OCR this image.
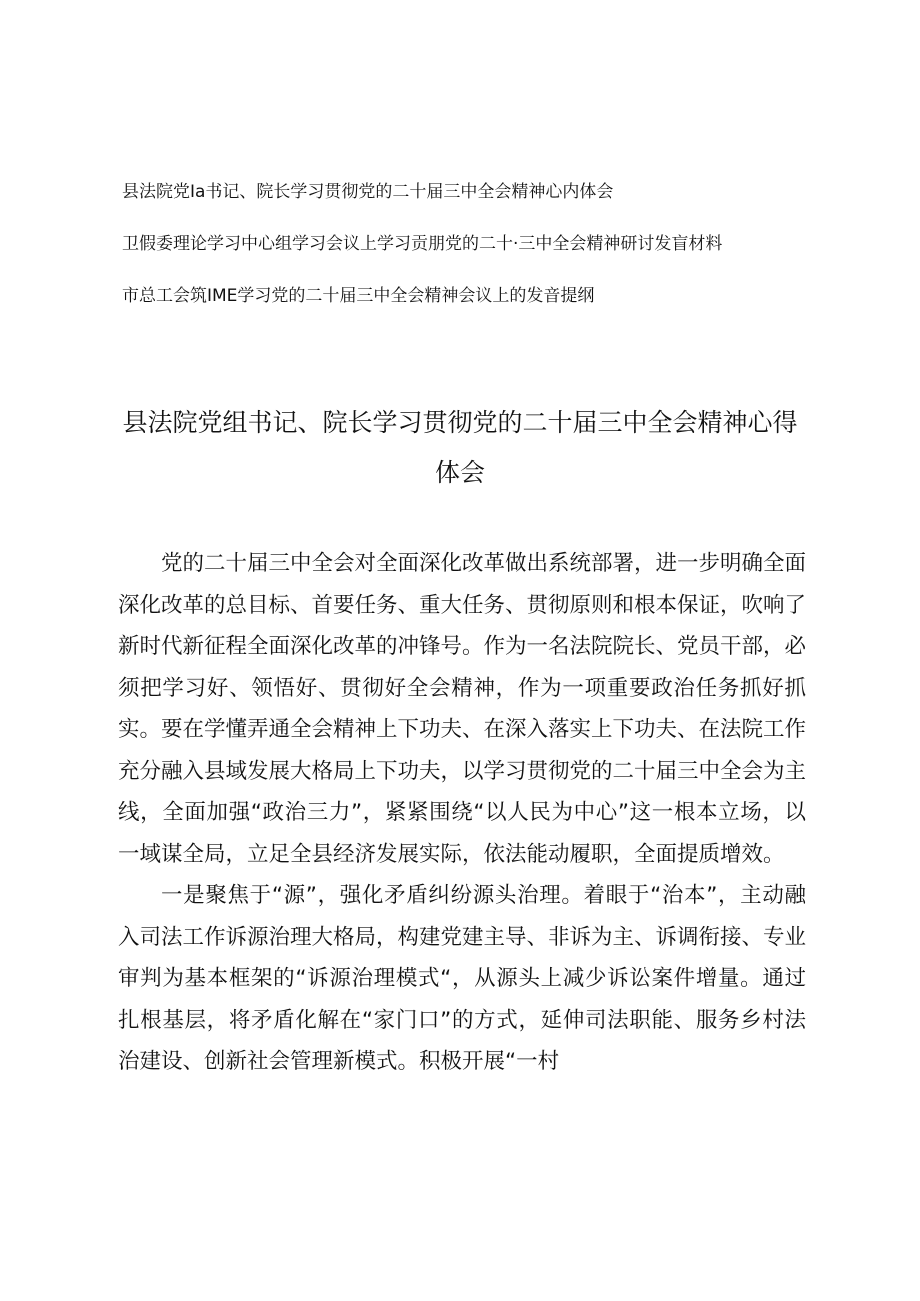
县法院党Ia书记、院长学习贯彻党的二十届三中全会精神心内体会
卫假委理论学习中心组学习会议上学习贡朋党的二十·三中全会精神研讨发盲材料
市总工会筑IME学习党的二十届三中全会精神会议上的发音提纲
县法院党组书记、院长学习贯彻党的二十届三中全会精神心得体会

党的二十届三中全会对全面深化改革做出系统部署，进一步明确全面深化改革的总目标、首要任务、重大任务、贯彻原则和根本保证，吹响了新时代新征程全面深化改革的冲锋号。作为一名法院院长、党员干部，必须把学习好、领悟好、贯彻好全会精神，作为一项重要政治任务抓好抓实。要在学懂弄通全会精神上下功夫、在深入落实上下功夫、在法院工作充分融入县域发展大格局上下功夫，以学习贯彻党的二十届三中全会为主线，全面加强“政治三力”，紧紧围绕“以人民为中心”这一根本立场，以一域谋全局，立足全县经济发展实际，依法能动履职，全面提质增效。

一是聚焦于“源”，强化矛盾纠纷源头治理。着眼于“治本”，主动融入司法工作诉源治理大格局，构建党建主导、非诉为主、诉调衔接、专业审判为基本框架的“诉源治理模式“，从源头上减少诉讼案件增量。通过扎根基层，将矛盾化解在“家门口”的方式，延伸司法职能、服务乡村法治建设、创新社会管理新模式。积极开展“一村
